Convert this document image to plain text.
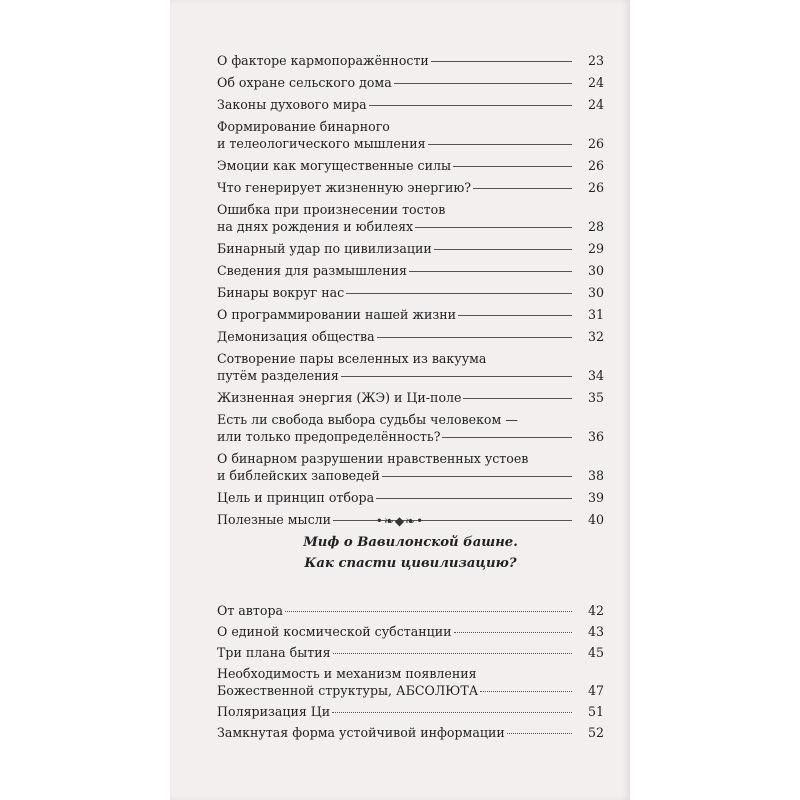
О факторе кармопоражённости	23
Об охране сельского дома	24
Законы духового мира	24
Формирование бинарного
и телеологического мышления	26
Эмоции как могущественные силы	26
Что генерирует жизненную энергию?	26
Ошибка при произнесении тостов
на днях рождения и юбилеях	28
Бинарный удар по цивилизации	29
Сведения для размышления	30
Бинары вокруг нас	30
О программировании нашей жизни	31
Демонизация общества	32
Сотворение пары вселенных из вакуума
путём разделения	34
Жизненная энергия (ЖЭ) и Ци-поле	35
Есть ли свобода выбора судьбы человеком —
или только предопределённость?	36
О бинарном разрушении нравственных устоев
и библейских заповедей	38
Цель и принцип отбора	39
Полезные мысли	40
•❧◆❧•
Миф о Вавилонской башне.
Как спасти цивилизацию?
От автора	42
О единой космической субстанции	43
Три плана бытия	45
Необходимость и механизм появления
Божественной структуры, АБСОЛЮТА	47
Поляризация Ци	51
Замкнутая форма устойчивой информации	52
